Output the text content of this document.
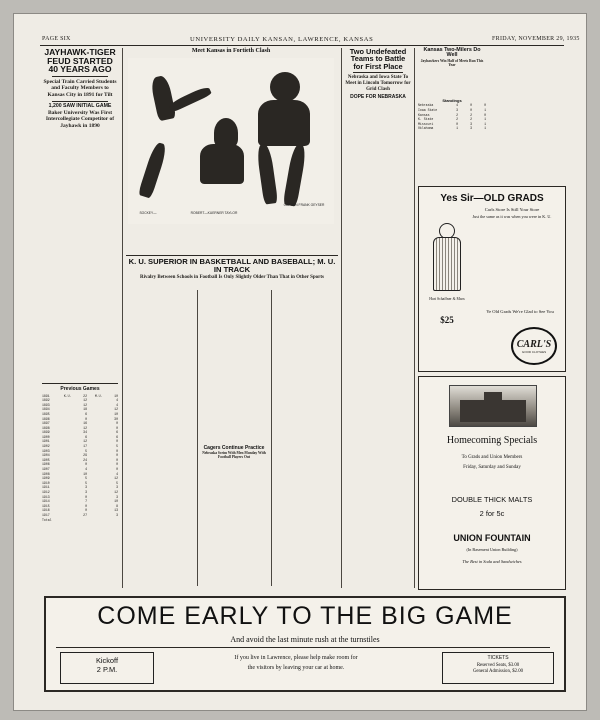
PAGE SIX	UNIVERSITY DAILY KANSAN, LAWRENCE, KANSAS	FRIDAY, NOVEMBER 29, 1935
JAYHAWK-TIGER FEUD STARTED 40 YEARS AGO
Special Train Carried Students and Faculty Members to Kansas City in 1891 for Tilt
1,200 SAW INITIAL GAME
Baker University Was First Intercollegiate Competitor of Jayhawk in 1890

Previous Games
1891	K.U.	22	M.U.	10
1892	12	4
1893	12	4
1894	18	12
1895	6	10
1896	0	30
1897	16	0
1898	12	0
1899	34	6
1900	6	6
1901	12	0
1902	17	5
1903	5	0
1904	29	0
1905	24	0
1906	0	0
1907	4	0
1908	10	4
1909	5	12
1910	5	5
1911	3	3
1912	3	12
1913	0	3
1914	7	10
1915	0	8
1916	0	13
1917	27	3
Total
Meet Kansas in Fortieth Clash
SOCKEY—	ROBERT—KUERNER TAYLOR
CAPTAIN FRANK GEYSER

K. U. SUPERIOR IN BASKETBALL AND BASEBALL; M. U. IN TRACK
Rivalry Between Schools in Football Is Only Slightly Older Than That in Other Sports

Cagers Continue Practice
Nebraska Scrim With Men Monday With Football Players Out

Two Undefeated Teams to Battle for First Place
Nebraska and Iowa State To Meet in Lincoln Tomorrow for Grid Clash
DOPE FOR NEBRASKA

Kansas Two-Milers Do Well
Jayhawkers Win Half of Meets Run This Year

Standings
Nebraska	4	0	0
Iowa State	3	0	1
Kansas	2	2	0
K. State	2	2	1
Missouri	0	3	1
Oklahoma	1	3	1

Yes Sir—OLD GRADS
Carls Store Is Still Your Store
Just the same as it was when you were in K. U.
Hart Schaffner & Marx
$25

Ye Old Grads We're Glad to See You
CARL'S
GOOD CLOTHES
Homecoming Specials
To Grads and Union Members
Friday, Saturday and Sunday
DOUBLE THICK MALTS
2 for 5c
UNION FOUNTAIN
(In Basement Union Building)
The Best in Soda and Sandwiches
COME EARLY TO THE BIG GAME
And avoid the last minute rush at the turnstiles
Kickoff
2 P.M.
If you live in Lawrence, please help make room for
the visitors by leaving your car at home.
TICKETS
Reserved Seats, $3.00
General Admission, $2.00
